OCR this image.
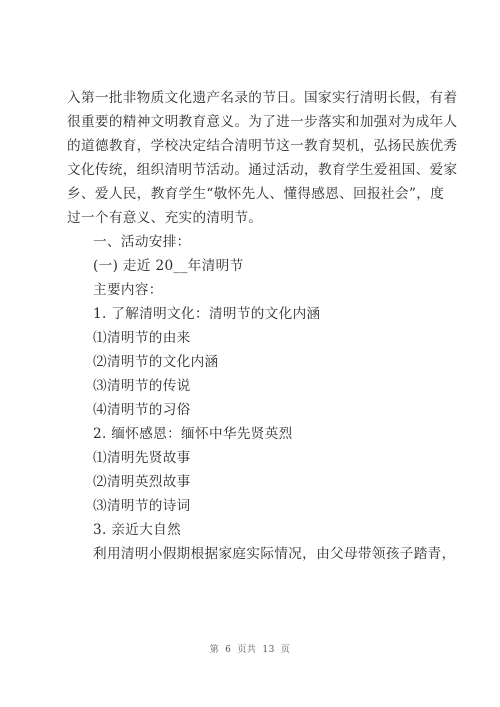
入第一批非物质文化遗产名录的节日。国家实行清明长假，有着
很重要的精神文明教育意义。为了进一步落实和加强对为成年人
的道德教育，学校决定结合清明节这一教育契机，弘扬民族优秀
文化传统，组织清明节活动。通过活动，教育学生爱祖国、爱家
乡、爱人民，教育学生“敬怀先人、懂得感恩、回报社会”，度
过一个有意义、充实的清明节。
一、活动安排：
(一) 走近 20__年清明节
主要内容：
1. 了解清明文化：清明节的文化内涵
⑴清明节的由来
⑵清明节的文化内涵
⑶清明节的传说
⑷清明节的习俗
2. 缅怀感恩：缅怀中华先贤英烈
⑴清明先贤故事
⑵清明英烈故事
⑶清明节的诗词
3. 亲近大自然
利用清明小假期根据家庭实际情况，由父母带领孩子踏青，
第 6 页共 13 页
